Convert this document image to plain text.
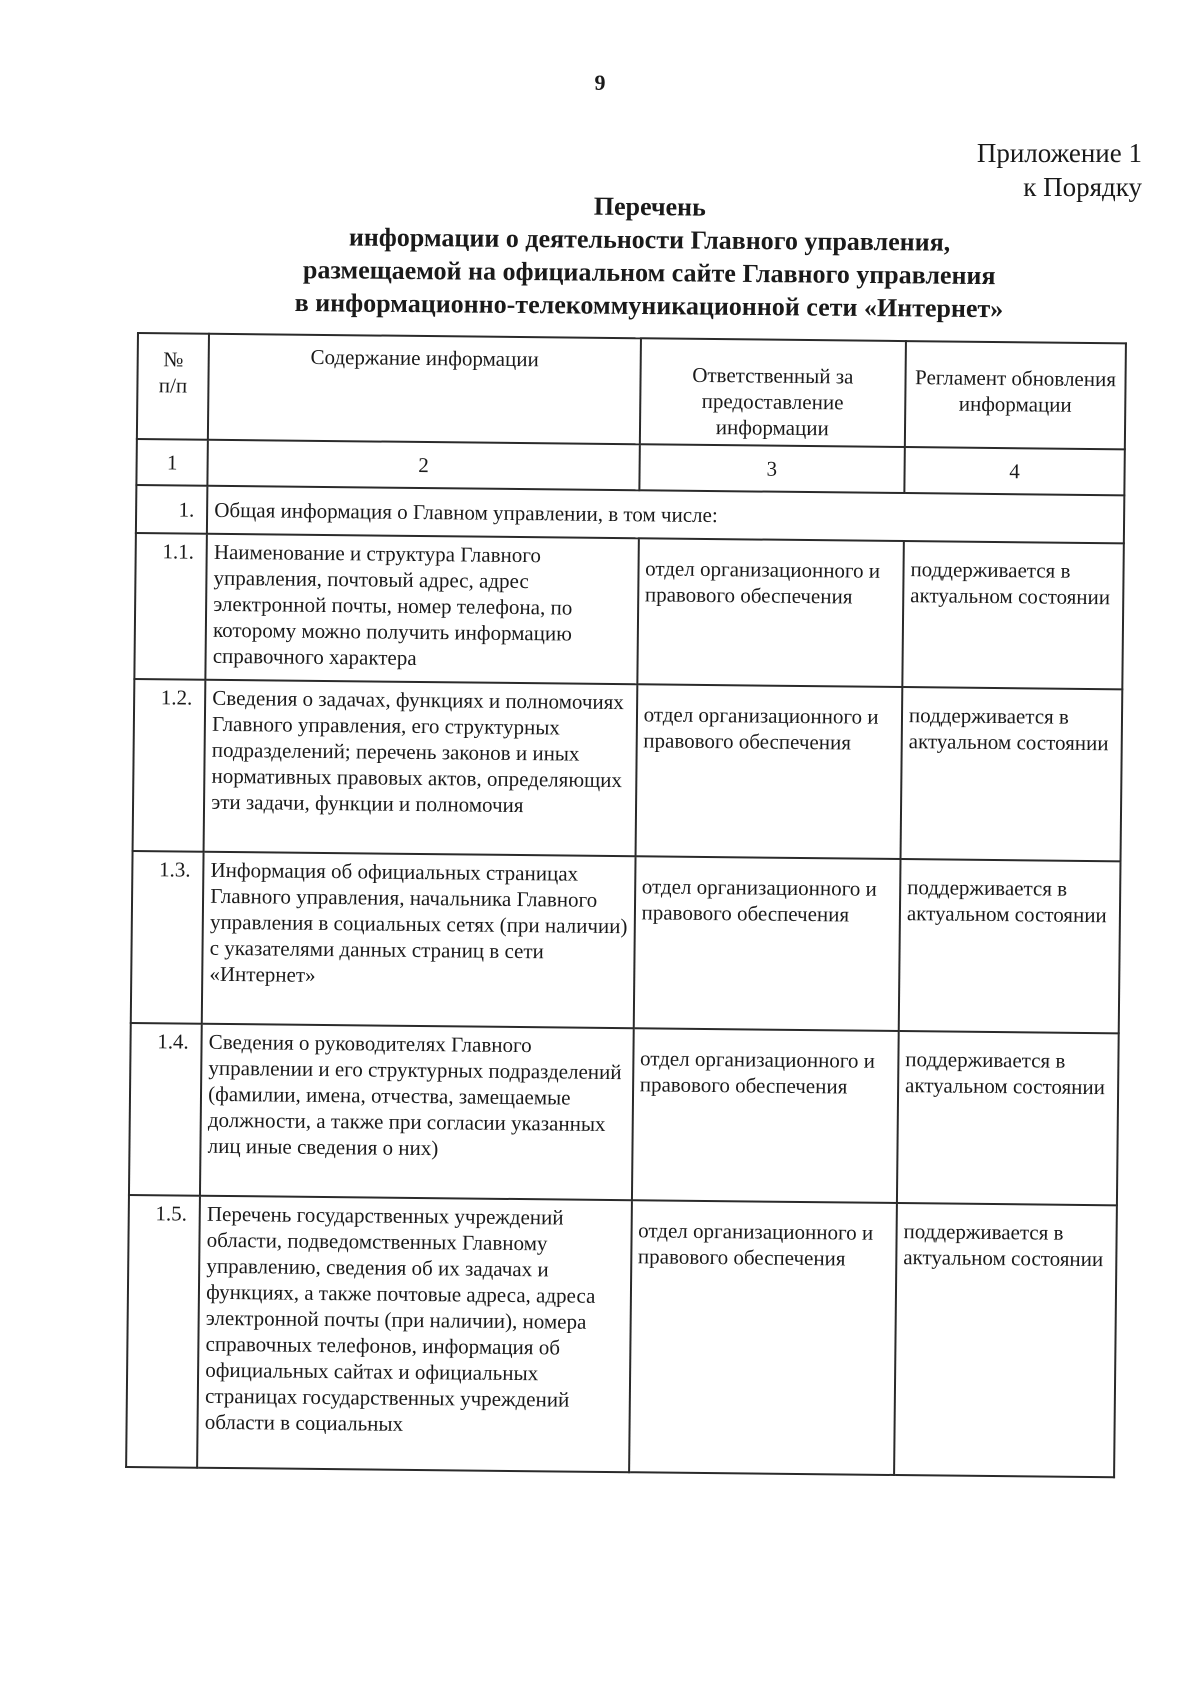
9
Приложение 1
к Порядку
Перечень
информации о деятельности Главного управления,
размещаемой на официальном сайте Главного управления
в информационно-телекоммуникационной сети «Интернет»
№
п/п	Содержание информации	Ответственный за предоставление информации	Регламент обновления информации

1	2	3	4
1.	Общая информация о Главном управлении, в том числе:		
1.1.	Наименование и структура Главного управления, почтовый адрес, адрес электронной почты, номер телефона, по которому можно получить информацию справочного характера	отдел организационного и правового обеспечения	поддерживается в актуальном состоянии
1.2.	Сведения о задачах, функциях и полномочиях Главного управления, его структурных подразделений; перечень законов и иных нормативных правовых актов, определяющих эти задачи, функции и полномочия	отдел организационного и правового обеспечения	поддерживается в актуальном состоянии
1.3.	Информация об официальных страницах Главного управления, начальника Главного управления в социальных сетях (при наличии) с указателями данных страниц в сети «Интернет»	отдел организационного и правового обеспечения	поддерживается в актуальном состоянии
1.4.	Сведения о руководителях Главного управлении и его структурных подразделений (фамилии, имена, отчества, замещаемые должности, а также при согласии указанных лиц иные сведения о них)	отдел организационного и правового обеспечения	поддерживается в актуальном состоянии
1.5.	Перечень государственных учреждений области, подведомственных Главному управлению, сведения об их задачах и функциях, а также почтовые адреса, адреса электронной почты (при наличии), номера справочных телефонов, информация об официальных сайтах и официальных страницах государственных учреждений области в социальных	отдел организационного и правового обеспечения	поддерживается в актуальном состоянии
